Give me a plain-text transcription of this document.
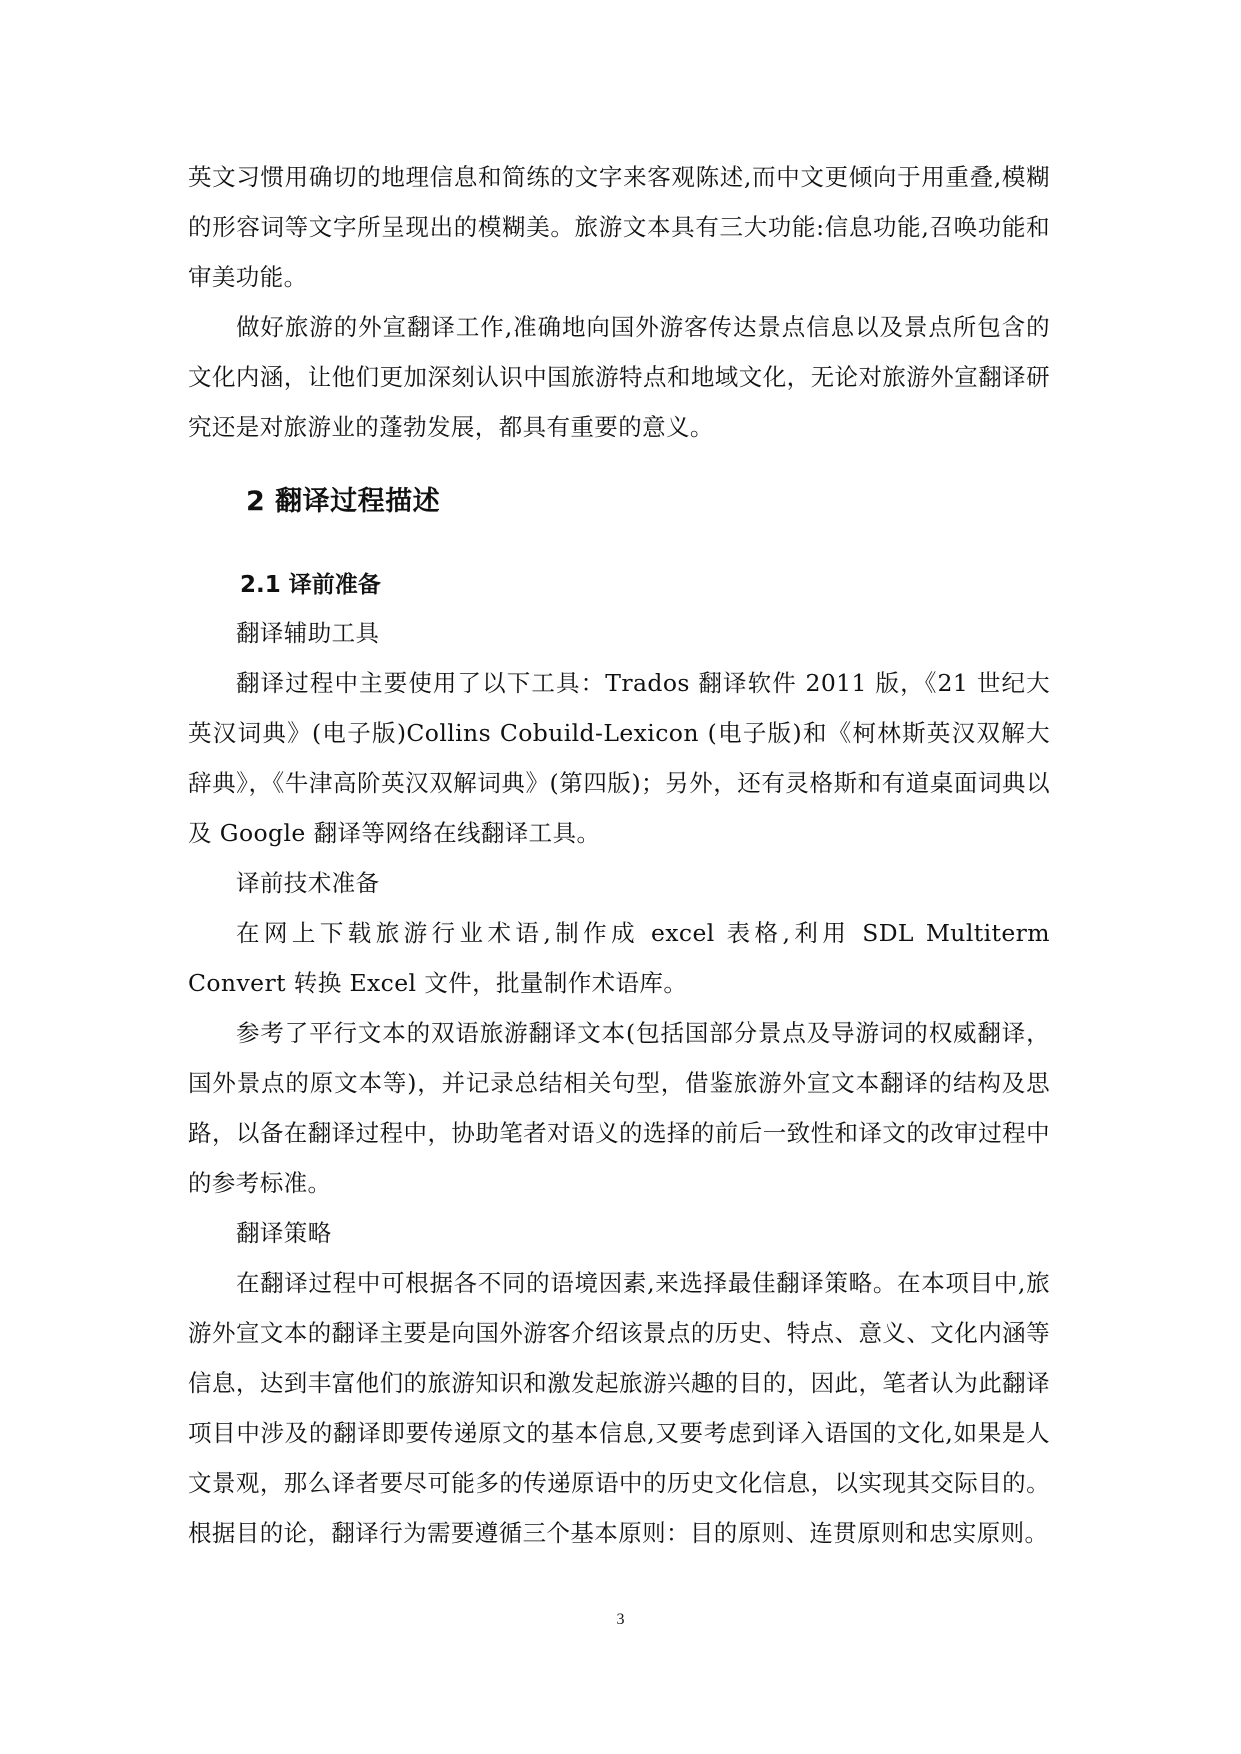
英文习惯用确切的地理信息和简练的文字来客观陈述,而中文更倾向于用重叠,模糊的形容词等文字所呈现出的模糊美。旅游文本具有三大功能:信息功能,召唤功能和审美功能。

做好旅游的外宣翻译工作,准确地向国外游客传达景点信息以及景点所包含的文化内涵，让他们更加深刻认识中国旅游特点和地域文化，无论对旅游外宣翻译研究还是对旅游业的蓬勃发展，都具有重要的意义。

2 翻译过程描述
2.1 译前准备

翻译辅助工具

翻译过程中主要使用了以下工具：Trados 翻译软件 2011 版，《21 世纪大英汉词典》(电子版)Collins Cobuild-Lexicon (电子版)和《柯林斯英汉双解大辞典》，《牛津高阶英汉双解词典》(第四版)；另外，还有灵格斯和有道桌面词典以及 Google 翻译等网络在线翻译工具。

译前技术准备

在网上下载旅游行业术语,制作成 excel 表格,利用 SDL Multiterm Convert 转换 Excel 文件，批量制作术语库。

参考了平行文本的双语旅游翻译文本(包括国部分景点及导游词的权威翻译，国外景点的原文本等)，并记录总结相关句型，借鉴旅游外宣文本翻译的结构及思路，以备在翻译过程中，协助笔者对语义的选择的前后一致性和译文的改审过程中的参考标准。

翻译策略

在翻译过程中可根据各不同的语境因素,来选择最佳翻译策略。在本项目中,旅游外宣文本的翻译主要是向国外游客介绍该景点的历史、特点、意义、文化内涵等信息，达到丰富他们的旅游知识和激发起旅游兴趣的目的，因此，笔者认为此翻译项目中涉及的翻译即要传递原文的基本信息,又要考虑到译入语国的文化,如果是人文景观，那么译者要尽可能多的传递原语中的历史文化信息，以实现其交际目的。根据目的论，翻译行为需要遵循三个基本原则：目的原则、连贯原则和忠实原则。

3
